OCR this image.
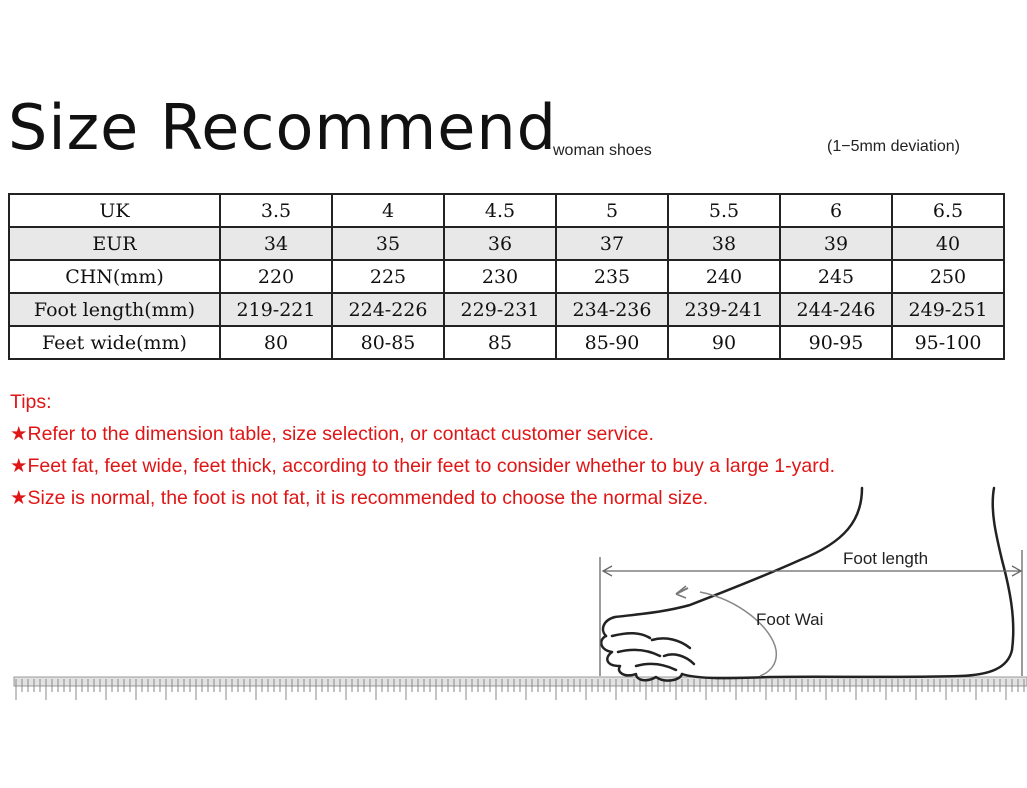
Size Recommend
woman shoes	(1−5mm deviation)
UK	3.5	4	4.5	5	5.5	6	6.5
EUR	34	35	36	37	38	39	40
CHN(mm)	220	225	230	235	240	245	250
Foot length(mm)	219-221	224-226	229-231	234-236	239-241	244-246	249-251
Feet wide(mm)	80	80-85	85	85-90	90	90-95	95-100
Tips:
★Refer to the dimension table, size selection, or contact customer service.
★Feet fat, feet wide, feet thick, according to their feet to consider whether to buy a large 1-yard.
★Size is normal, the foot is not fat, it is recommended to choose the normal size.
Foot length
Foot Wai
